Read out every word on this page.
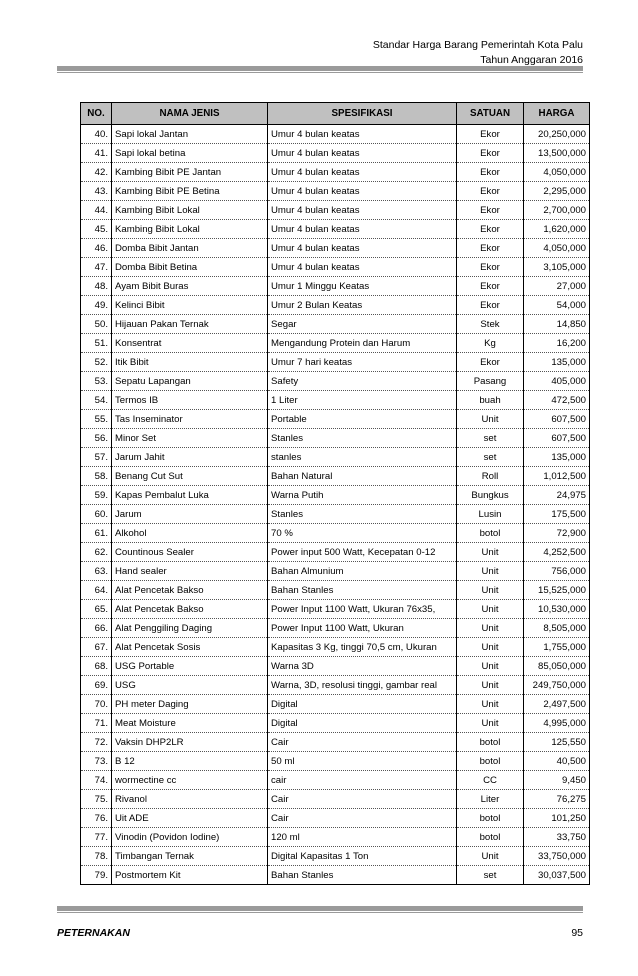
Standar Harga Barang Pemerintah Kota Palu
Tahun Anggaran 2016
NO.	NAMA JENIS	SPESIFIKASI	SATUAN	HARGA
40.	Sapi lokal Jantan	Umur 4 bulan keatas	Ekor	20,250,000
41.	Sapi lokal betina	Umur 4 bulan keatas	Ekor	13,500,000
42.	Kambing Bibit PE Jantan	Umur 4 bulan keatas	Ekor	4,050,000
43.	Kambing Bibit PE Betina	Umur 4 bulan keatas	Ekor	2,295,000
44.	Kambing Bibit Lokal	Umur 4 bulan keatas	Ekor	2,700,000
45.	Kambing Bibit Lokal	Umur 4 bulan keatas	Ekor	1,620,000
46.	Domba Bibit Jantan	Umur 4 bulan keatas	Ekor	4,050,000
47.	Domba Bibit Betina	Umur 4 bulan keatas	Ekor	3,105,000
48.	Ayam Bibit Buras	Umur 1 Minggu Keatas	Ekor	27,000
49.	Kelinci Bibit	Umur 2 Bulan Keatas	Ekor	54,000
50.	Hijauan Pakan Ternak	Segar	Stek	14,850
51.	Konsentrat	Mengandung Protein dan Harum	Kg	16,200
52.	Itik Bibit	Umur 7 hari keatas	Ekor	135,000
53.	Sepatu Lapangan	Safety	Pasang	405,000
54.	Termos IB	1 Liter	buah	472,500
55.	Tas Inseminator	Portable	Unit	607,500
56.	Minor Set	Stanles	set	607,500
57.	Jarum Jahit	stanles	set	135,000
58.	Benang Cut Sut	Bahan Natural	Roll	1,012,500
59.	Kapas Pembalut Luka	Warna Putih	Bungkus	24,975
60.	Jarum	Stanles	Lusin	175,500
61.	Alkohol	70 %	botol	72,900
62.	Countinous Sealer	Power input 500 Watt, Kecepatan 0-12	Unit	4,252,500
63.	Hand sealer	Bahan Almunium	Unit	756,000
64.	Alat Pencetak Bakso	Bahan Stanles	Unit	15,525,000
65.	Alat Pencetak Bakso	Power Input 1100 Watt, Ukuran 76x35,	Unit	10,530,000
66.	Alat Penggiling Daging	Power Input 1100 Watt, Ukuran	Unit	8,505,000
67.	Alat Pencetak Sosis	Kapasitas 3 Kg, tinggi 70,5 cm, Ukuran	Unit	1,755,000
68.	USG Portable	Warna 3D	Unit	85,050,000
69.	USG	Warna, 3D, resolusi tinggi, gambar real	Unit	249,750,000
70.	PH meter Daging	Digital	Unit	2,497,500
71.	Meat Moisture	Digital	Unit	4,995,000
72.	Vaksin DHP2LR	Cair	botol	125,550
73.	B 12	50 ml	botol	40,500
74.	wormectine cc	cair	CC	9,450
75.	Rivanol	Cair	Liter	76,275
76.	Uit ADE	Cair	botol	101,250
77.	Vinodin (Povidon Iodine)	120 ml	botol	33,750
78.	Timbangan Ternak	Digital Kapasitas 1 Ton	Unit	33,750,000
79.	Postmortem Kit	Bahan Stanles	set	30,037,500
PETERNAKAN	95
